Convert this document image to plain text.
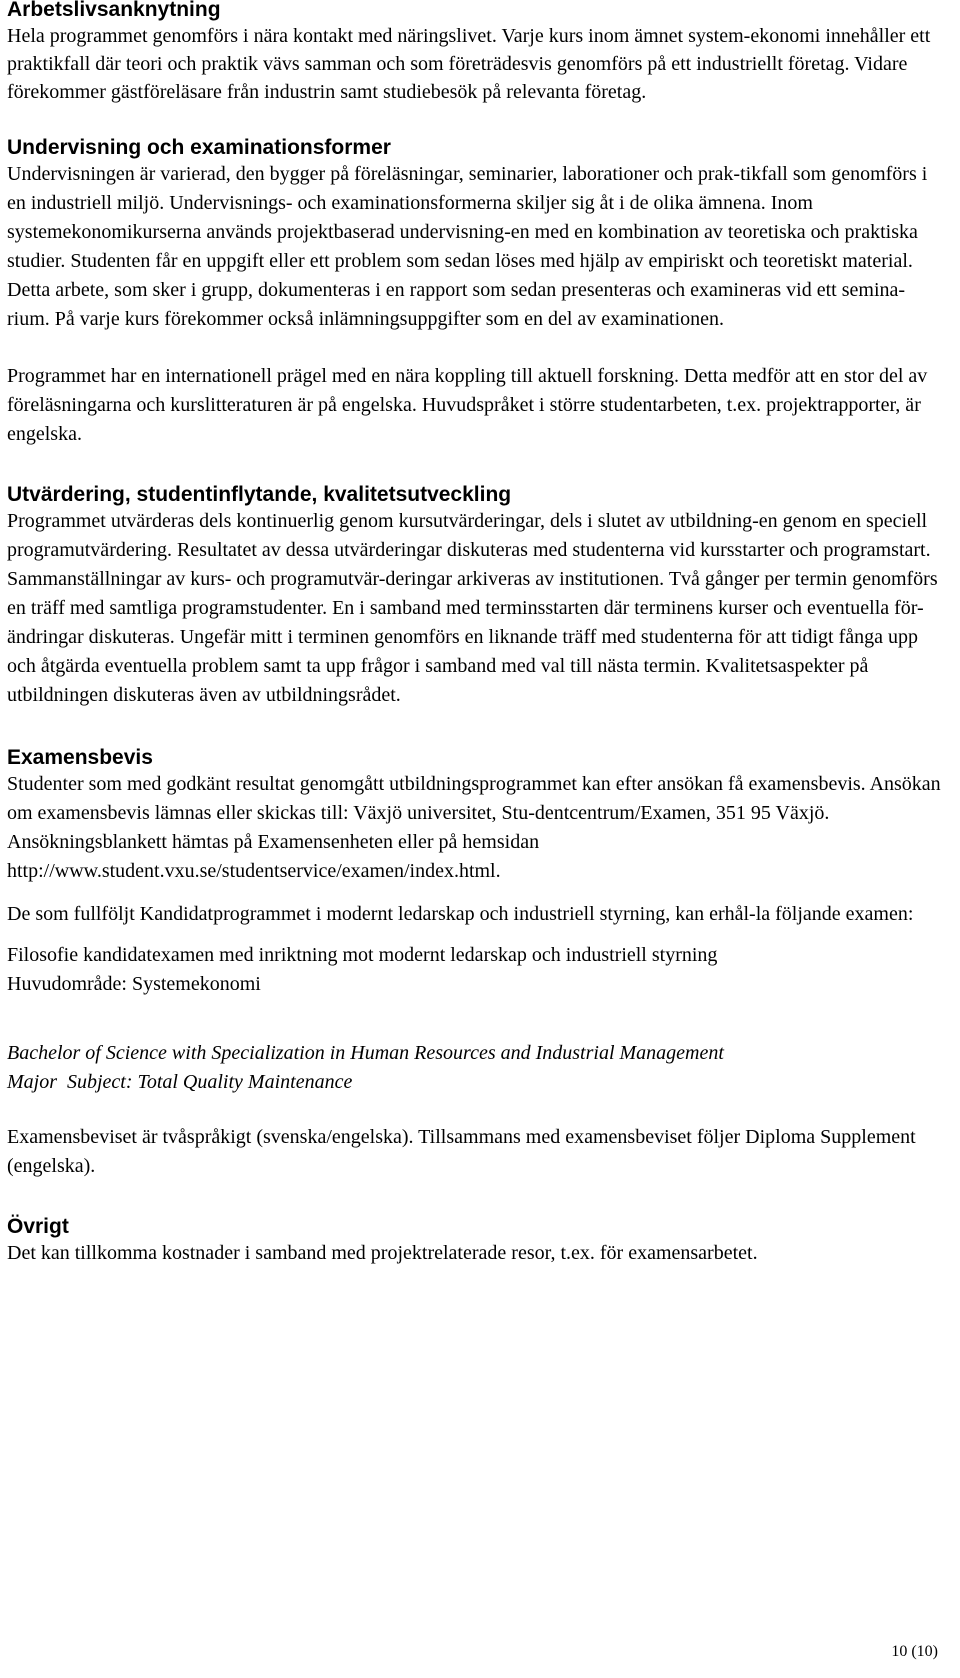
Arbetslivsanknytning

Hela programmet genomförs i nära kontakt med näringslivet. Varje kurs inom ämnet system-ekonomi innehåller ett praktikfall där teori och praktik vävs samman och som företrädesvis genomförs på ett industriellt företag. Vidare förekommer gästföreläsare från industrin samt studiebesök på relevanta företag.

Undervisning och examinationsformer

Undervisningen är varierad, den bygger på föreläsningar, seminarier, laborationer och prak-tikfall som genomförs i en industriell miljö. Undervisnings- och examinationsformerna skiljer sig åt i de olika ämnena. Inom systemekonomikurserna används projektbaserad undervisning-en med en kombination av teoretiska och praktiska studier. Studenten får en uppgift eller ett problem som sedan löses med hjälp av empiriskt och teoretiskt material. Detta arbete, som sker i grupp, dokumenteras i en rapport som sedan presenteras och examineras vid ett semina-rium. På varje kurs förekommer också inlämningsuppgifter som en del av examinationen.

Programmet har en internationell prägel med en nära koppling till aktuell forskning. Detta medför att en stor del av föreläsningarna och kurslitteraturen är på engelska. Huvudspråket i större studentarbeten, t.ex. projektrapporter, är engelska.

Utvärdering, studentinflytande, kvalitetsutveckling

Programmet utvärderas dels kontinuerlig genom kursutvärderingar, dels i slutet av utbildning-en genom en speciell programutvärdering. Resultatet av dessa utvärderingar diskuteras med studenterna vid kursstarter och programstart. Sammanställningar av kurs- och programutvär-deringar arkiveras av institutionen. Två gånger per termin genomförs en träff med samtliga programstudenter. En i samband med terminsstarten där terminens kurser och eventuella för-ändringar diskuteras. Ungefär mitt i terminen genomförs en liknande träff med studenterna för att tidigt fånga upp och åtgärda eventuella problem samt ta upp frågor i samband med val till nästa termin. Kvalitetsaspekter på utbildningen diskuteras även av utbildningsrådet.

Examensbevis

Studenter som med godkänt resultat genomgått utbildningsprogrammet kan efter ansökan få examensbevis. Ansökan om examensbevis lämnas eller skickas till: Växjö universitet, Stu-dentcentrum/Examen, 351 95 Växjö. Ansökningsblankett hämtas på Examensenheten eller på hemsidan http://www.student.vxu.se/studentservice/examen/index.html.

De som fullföljt Kandidatprogrammet i modernt ledarskap och industriell styrning, kan erhål-la följande examen:

Filosofie kandidatexamen med inriktning mot modernt ledarskap och industriell styrning

Huvudområde: Systemekonomi

Bachelor of Science with Specialization in Human Resources and Industrial Management

Major  Subject: Total Quality Maintenance

Examensbeviset är tvåspråkigt (svenska/engelska). Tillsammans med examensbeviset följer Diploma Supplement (engelska).

Övrigt

Det kan tillkomma kostnader i samband med projektrelaterade resor, t.ex. för examensarbetet.

10 (10)
